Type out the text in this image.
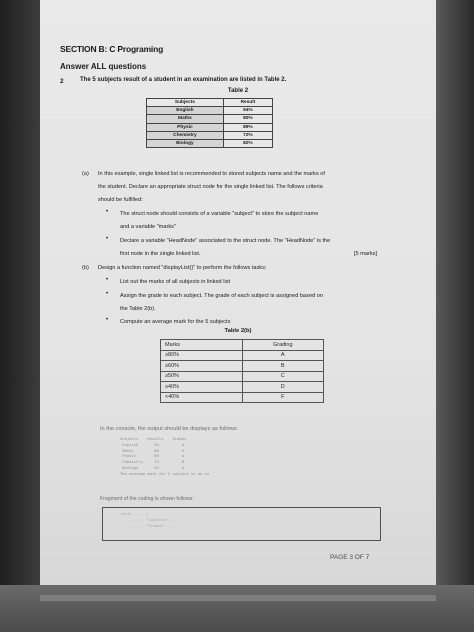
SECTION B: C Programing
Answer ALL questions
2	The 5 subjects result of a student in an examination are listed in Table 2.
Table 2
Subjects	Result
English	94%
Maths	80%
Physic	89%
Chemistry	72%
Biology	82%
(a) In this example, single linked list is recommended to stored subjects name and the marks of
the student. Declare an appropriate struct node for the single linked list. The follows criteria
should be fulfilled:
• The struct node should consists of a variable "subject" to store the subject name
and a variable "marks"
• Declare a variable "HeadNode" associated to the struct node. The "HeadNode" is the
first node in the single linked list.	[5 marks]
(b) Design a function named "displayList()" to perform the follows tasks:
• List out the marks of all subjects in linked list
• Assign the grade to each subject. The grade of each subject is assigned based on
the Table 2(b).
• Compute an average mark for the 5 subjects
Table 2(b)
Marks	Grading
≥80%	A
≥60%	B
≥50%	C
≥40%	D
<40%	F
In the console, the output should be displays as follows:
Subjects    Results    Grades
English       94          A
Maths         80          A
Physic        89          A
Chemistry     72          B
Biology       82          A
The average mark for 5 subject is xx.xx
Fragment of the coding is shown follows:
void ..... {
...... "Subjects" ....
...... "Grades" ....
PAGE 3 OF 7
